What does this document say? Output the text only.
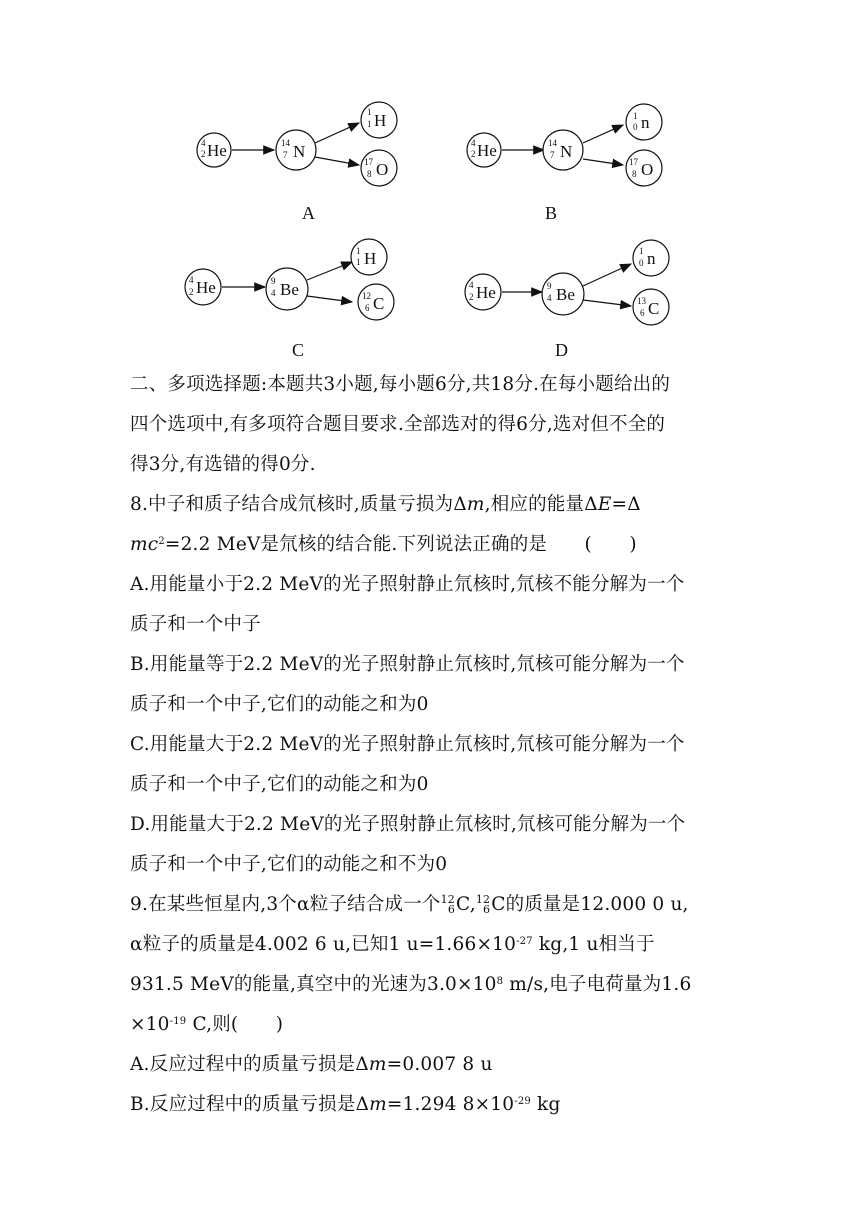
4
2 He	14
7 N
1
1 H
17
8 O
4
2 He	14
7 N
1
0 n
17
8 O
A	B
4
2 He	9
4 Be
1
1 H
12
6 C
4
2 He	9
4 Be
1
0 n
13
6 C
C	D
二、多项选择题:本题共3小题,每小题6分,共18分.在每小题给出的
四个选项中,有多项符合题目要求.全部选对的得6分,选对但不全的
得3分,有选错的得0分.
8.中子和质子结合成氘核时,质量亏损为Δm,相应的能量ΔE=Δ
$mc^2=2.2$ MeV是氘核的结合能.下列说法正确的是　　(　　)
A.用能量小于2.2 MeV的光子照射静止氘核时,氘核不能分解为一个
质子和一个中子
B.用能量等于2.2 MeV的光子照射静止氘核时,氘核可能分解为一个
质子和一个中子,它们的动能之和为0
C.用能量大于2.2 MeV的光子照射静止氘核时,氘核可能分解为一个
质子和一个中子,它们的动能之和为0
D.用能量大于2.2 MeV的光子照射静止氘核时,氘核可能分解为一个
质子和一个中子,它们的动能之和不为0
9.在某些恒星内,3个α粒子结合成一个12
6C,12
6C的质量是12.000 0 u,
α粒子的质量是4.002 6 u,已知1 $u=1.66\times 10^{-27}$ kg,1 u相当于
931.5 MeV的能量,真空中的光速为$3.0\times 10^8$ m/s,电子电荷量为1.6
$\times 10^{-19}$ C,则(　　)
A.反应过程中的质量亏损是Δm=0.007 8 u
B.反应过程中的质量亏损是Δm=1.294 $8\times 10^{-29}$ kg
